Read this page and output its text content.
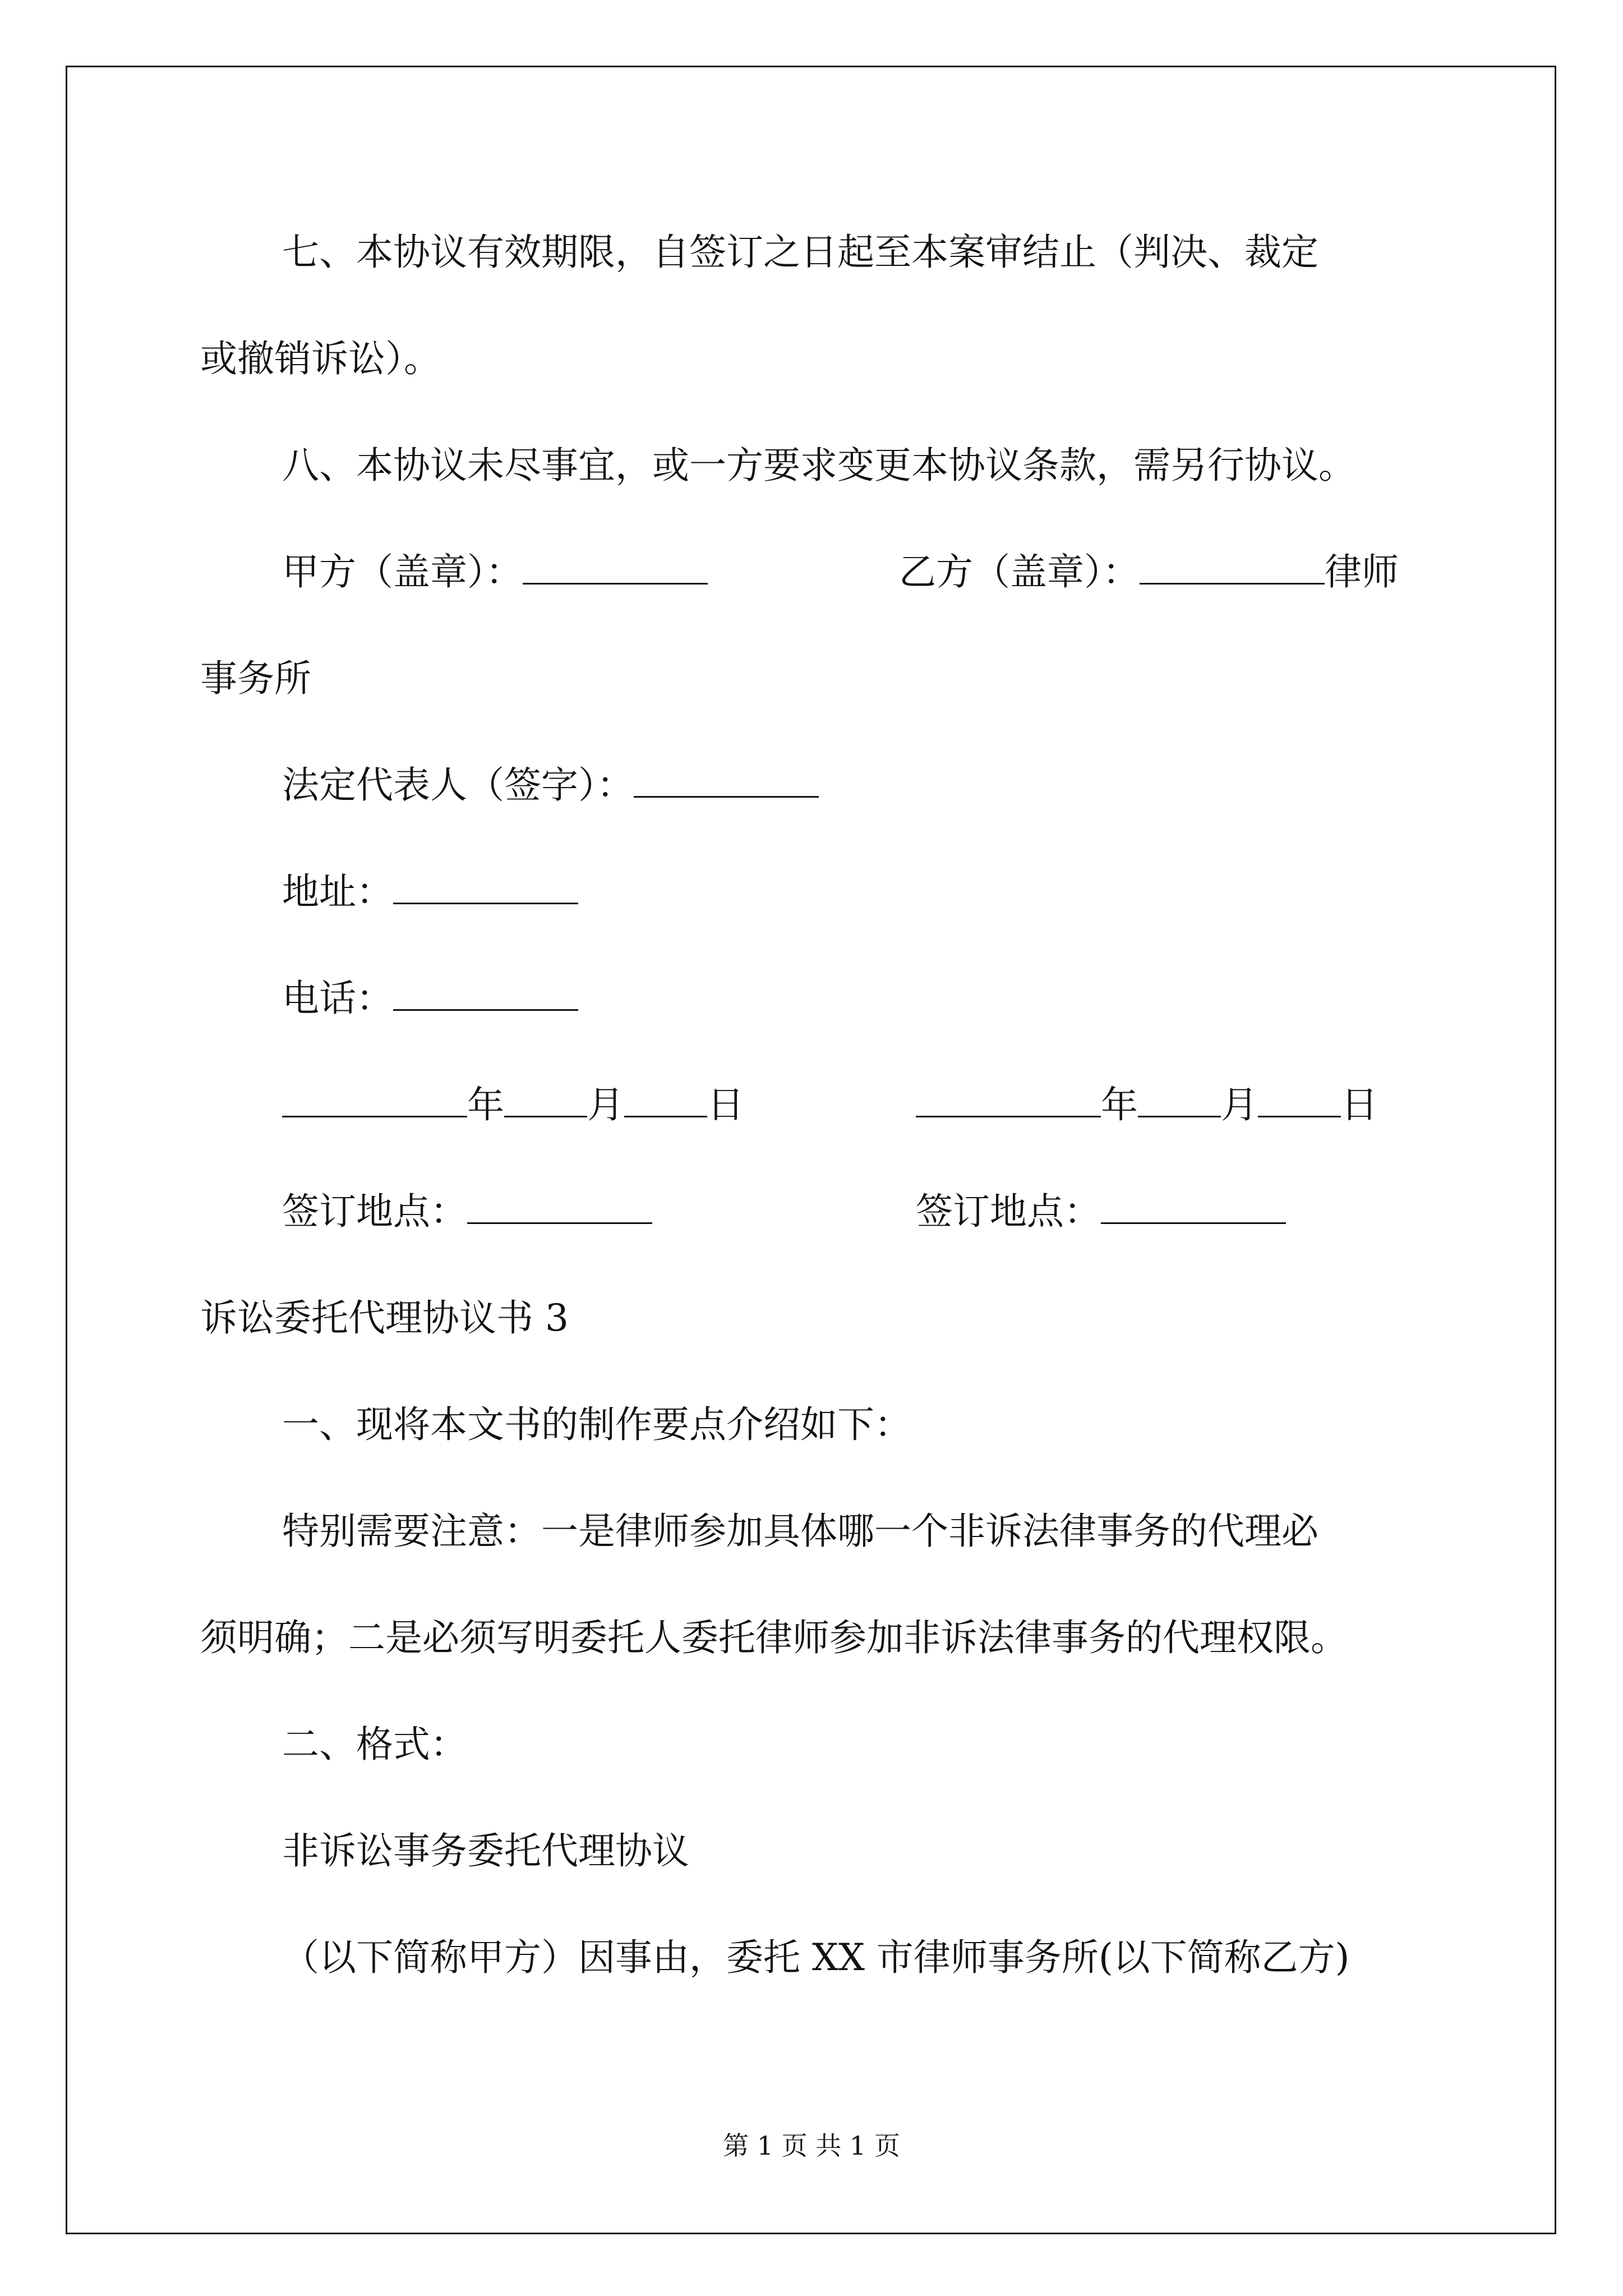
七、本协议有效期限，自签订之日起至本案审结止（判决、裁定
或撤销诉讼）。
八、本协议未尽事宜，或一方要求变更本协议条款，需另行协议。
甲方（盖章）：	乙方（盖章）：	律师
事务所
法定代表人（签字）：
地址：
电话：
年 月 日	年 月 日
签订地点：	签订地点：
诉讼委托代理协议书 3
一、现将本文书的制作要点介绍如下：
特别需要注意：一是律师参加具体哪一个非诉法律事务的代理必
须明确；二是必须写明委托人委托律师参加非诉法律事务的代理权限。
二、格式：
非诉讼事务委托代理协议
（以下简称甲方）因事由，委托 XX 市律师事务所(以下简称乙方)
第 1 页 共 1 页
